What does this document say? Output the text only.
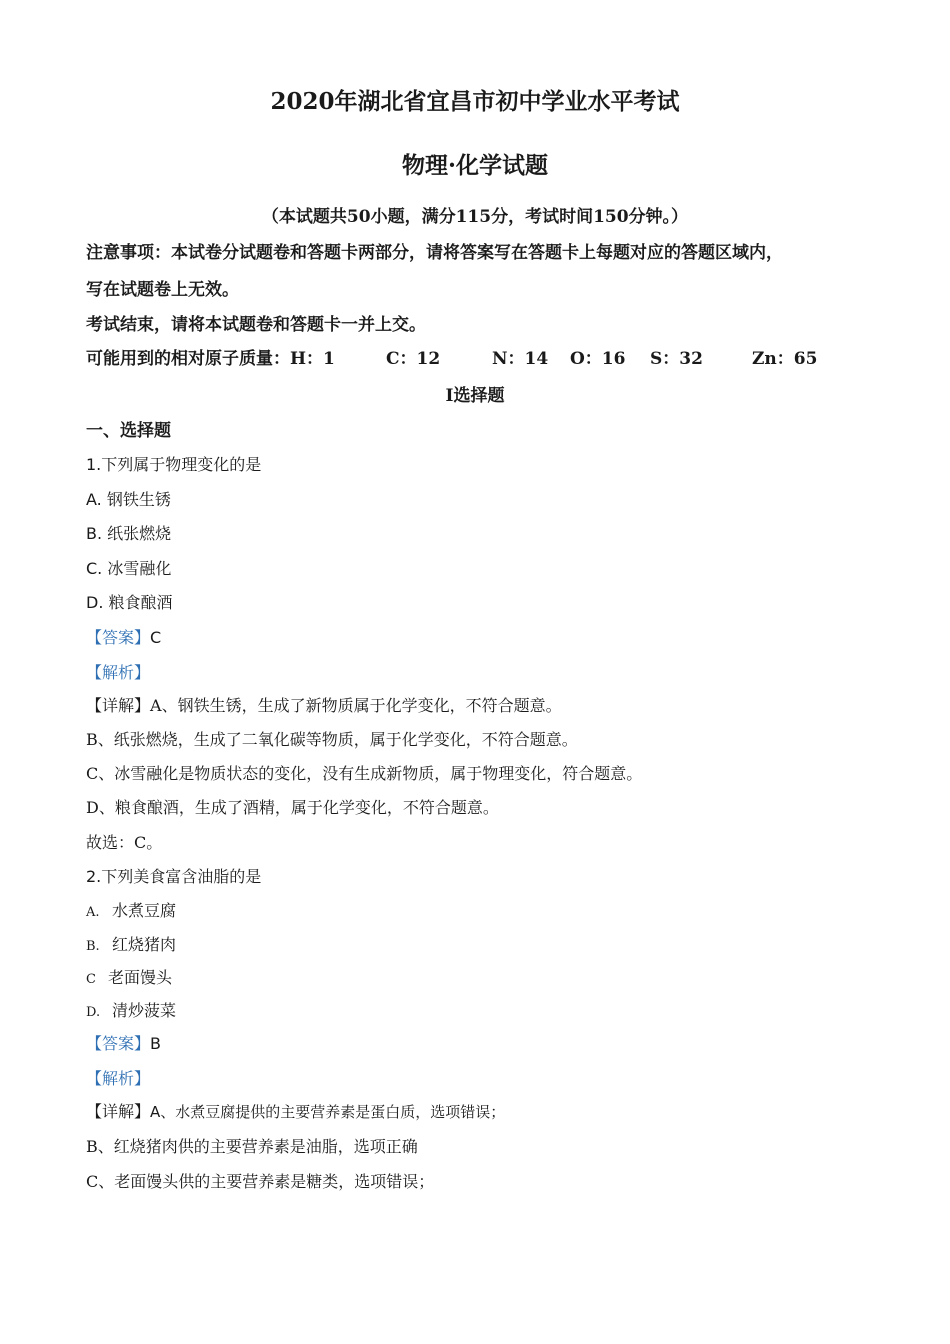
2020年湖北省宜昌市初中学业水平考试
物理·化学试题
（本试题共50小题，满分115分，考试时间150分钟。）
注意事项：本试卷分试题卷和答题卡两部分，请将答案写在答题卡上每题对应的答题区域内，
写在试题卷上无效。
考试结束，请将本试题卷和答题卡一并上交。
可能用到的相对原子质量：H：1	C：12	N：14 O：16 S：32	Zn：65
I选择题
一、选择题
1.下列属于物理变化的是
A. 钢铁生锈
B. 纸张燃烧
C. 冰雪融化
D. 粮食酿酒
【答案】C
【解析】
【详解】A、钢铁生锈，生成了新物质属于化学变化，不符合题意。
B、纸张燃烧，生成了二氧化碳等物质，属于化学变化，不符合题意。
C、冰雪融化是物质状态的变化，没有生成新物质，属于物理变化，符合题意。
D、粮食酿酒，生成了酒精，属于化学变化，不符合题意。
故选：C。
2.下列美食富含油脂的是
A. 水煮豆腐
B. 红烧猪肉
C 老面馒头
D. 清炒菠菜
【答案】B
【解析】
【详解】A、水煮豆腐提供的主要营养素是蛋白质，选项错误；
B、红烧猪肉供的主要营养素是油脂，选项正确
C、老面馒头供的主要营养素是糖类，选项错误；
